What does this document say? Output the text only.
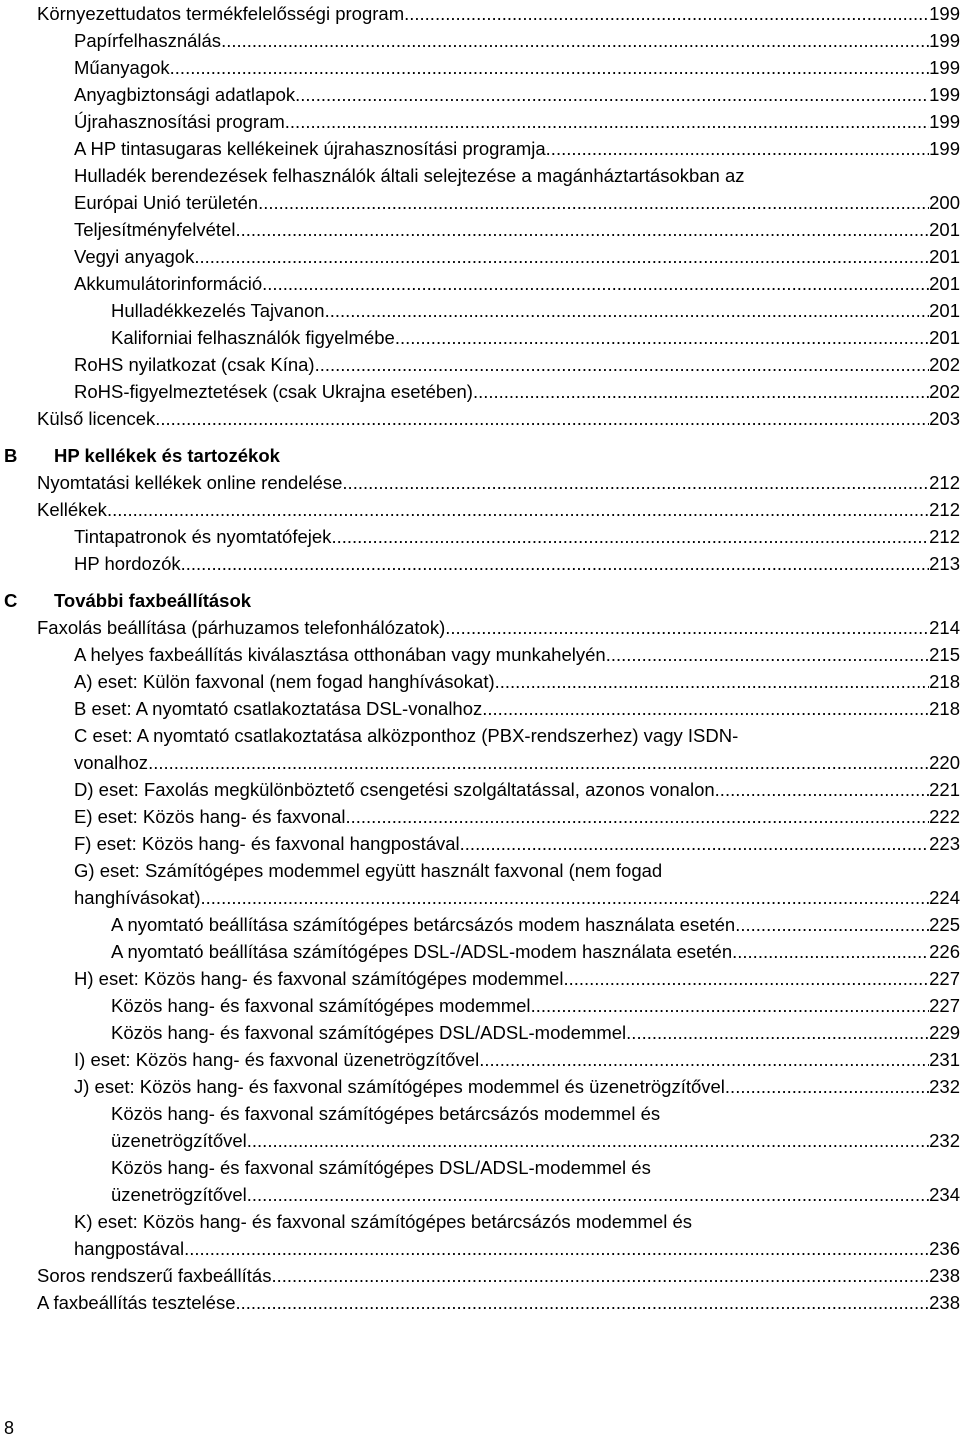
Környezettudatos termékfelelősségi program .....	199
Papírfelhasználás .....	199
Műanyagok .....	199
Anyagbiztonsági adatlapok .....	199
Újrahasznosítási program .....	199
A HP tintasugaras kellékeinek újrahasznosítási programja .....	199
Hulladék berendezések felhasználók általi selejtezése a magánháztartásokban az
Európai Unió területén .....	200
Teljesítményfelvétel .....	201
Vegyi anyagok .....	201
Akkumulátorinformáció .....	201
Hulladékkezelés Tajvanon .....	201
Kaliforniai felhasználók figyelmébe .....	201
RoHS nyilatkozat (csak Kína) .....	202
RoHS-figyelmeztetések (csak Ukrajna esetében) .....	202
Külső licencek .....	203
B HP kellékek és tartozékok
Nyomtatási kellékek online rendelése .....	212
Kellékek .....	212
Tintapatronok és nyomtatófejek .....	212
HP hordozók .....	213
C További faxbeállítások
Faxolás beállítása (párhuzamos telefonhálózatok) .....	214
A helyes faxbeállítás kiválasztása otthonában vagy munkahelyén .....	215
A) eset: Külön faxvonal (nem fogad hanghívásokat) .....	218
B eset: A nyomtató csatlakoztatása DSL-vonalhoz .....	218
C eset: A nyomtató csatlakoztatása alközponthoz (PBX-rendszerhez) vagy ISDN-
vonalhoz .....	220
D) eset: Faxolás megkülönböztető csengetési szolgáltatással, azonos vonalon .....	221
E) eset: Közös hang- és faxvonal .....	222
F) eset: Közös hang- és faxvonal hangpostával .....	223
G) eset: Számítógépes modemmel együtt használt faxvonal (nem fogad
hanghívásokat) .....	224
A nyomtató beállítása számítógépes betárcsázós modem használata esetén .....	225
A nyomtató beállítása számítógépes DSL-/ADSL-modem használata esetén .....	226
H) eset: Közös hang- és faxvonal számítógépes modemmel .....	227
Közös hang- és faxvonal számítógépes modemmel .....	227
Közös hang- és faxvonal számítógépes DSL/ADSL-modemmel .....	229
I) eset: Közös hang- és faxvonal üzenetrögzítővel .....	231
J) eset: Közös hang- és faxvonal számítógépes modemmel és üzenetrögzítővel .....	232
Közös hang- és faxvonal számítógépes betárcsázós modemmel és
üzenetrögzítővel .....	232
Közös hang- és faxvonal számítógépes DSL/ADSL-modemmel és
üzenetrögzítővel .....	234
K) eset: Közös hang- és faxvonal számítógépes betárcsázós modemmel és
hangpostával .....	236
Soros rendszerű faxbeállítás .....	238
A faxbeállítás tesztelése .....	238
8
